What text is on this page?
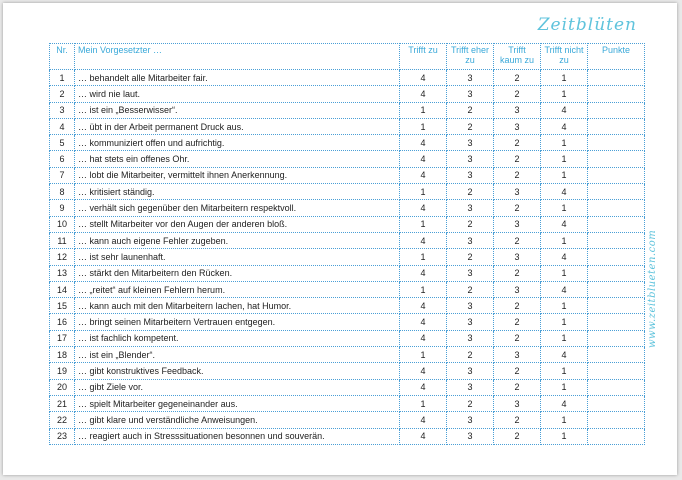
Zeitblüten
www.zeitblueten.com
Nr.	Mein Vorgesetzter …	Trifft zu	Trifft eher zu	Trifft kaum zu	Trifft nicht zu	Punkte
1	… behandelt alle Mitarbeiter fair.	4	3	2	1	
2	… wird nie laut.	4	3	2	1	
3	… ist ein „Besserwisser“.	1	2	3	4	
4	… übt in der Arbeit permanent Druck aus.	1	2	3	4	
5	… kommuniziert offen und aufrichtig.	4	3	2	1	
6	… hat stets ein offenes Ohr.	4	3	2	1	
7	… lobt die Mitarbeiter, vermittelt ihnen Anerkennung.	4	3	2	1	
8	… kritisiert ständig.	1	2	3	4	
9	… verhält sich gegenüber den Mitarbeitern respektvoll.	4	3	2	1	
10	… stellt Mitarbeiter vor den Augen der anderen bloß.	1	2	3	4	
11	… kann auch eigene Fehler zugeben.	4	3	2	1	
12	… ist sehr launenhaft.	1	2	3	4	
13	… stärkt den Mitarbeitern den Rücken.	4	3	2	1	
14	… „reitet“ auf kleinen Fehlern herum.	1	2	3	4	
15	… kann auch mit den Mitarbeitern lachen, hat Humor.	4	3	2	1	
16	… bringt seinen Mitarbeitern Vertrauen entgegen.	4	3	2	1	
17	… ist fachlich kompetent.	4	3	2	1	
18	… ist ein „Blender“.	1	2	3	4	
19	… gibt konstruktives Feedback.	4	3	2	1	
20	… gibt Ziele vor.	4	3	2	1	
21	… spielt Mitarbeiter gegeneinander aus.	1	2	3	4	
22	… gibt klare und verständliche Anweisungen.	4	3	2	1	
23	… reagiert auch in Stresssituationen besonnen und souverän.	4	3	2	1	
